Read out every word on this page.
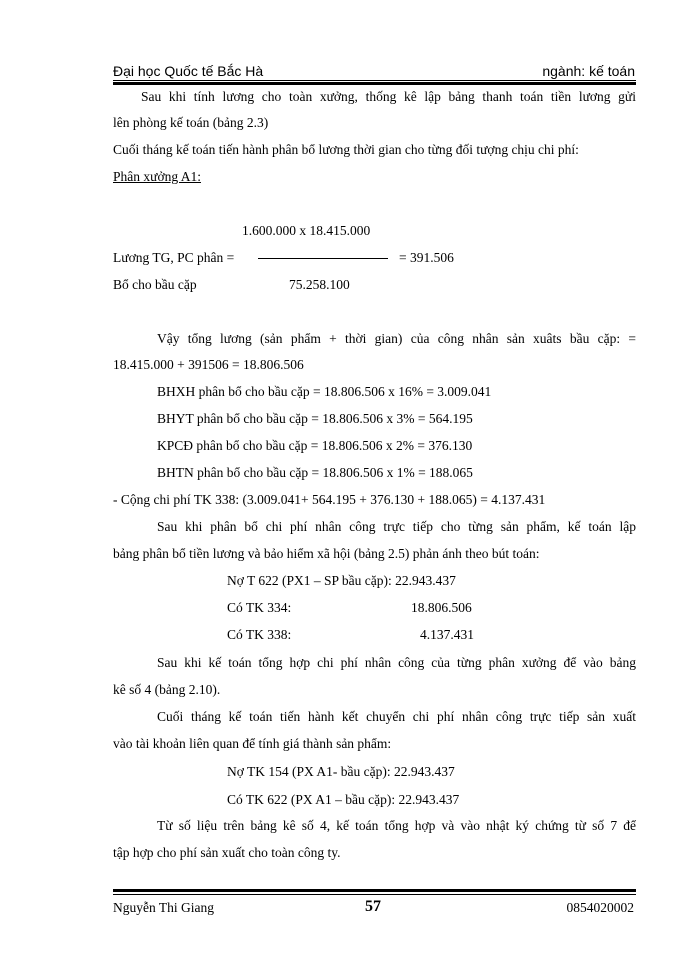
Đại học Quốc tế Bắc Hà	ngành: kế toán
Sau khi tính lương cho toàn xưởng, thống kê lập bảng thanh toán tiền lương gửi
lên phòng kế toán (bảng 2.3)
Cuối tháng kế toán tiến hành phân bổ lương thời gian cho từng đối tượng chịu chi phí:
Phân xưởng A1:
1.600.000 x 18.415.000
Lương TG, PC phân =	= 391.506
Bổ cho bầu cặp	75.258.100
Vậy tổng lương (sản phẩm + thời gian) của công nhân sản xuâts bầu cặp: =
18.415.000 + 391506 = 18.806.506
BHXH phân bổ cho bầu cặp = 18.806.506 x 16% = 3.009.041
BHYT phân bổ cho bầu cặp = 18.806.506 x 3% = 564.195
KPCĐ phân bổ cho bầu cặp = 18.806.506 x 2% = 376.130
BHTN phân bổ cho bầu cặp = 18.806.506 x 1% = 188.065
- Cộng chi phí TK 338: (3.009.041+ 564.195 + 376.130 + 188.065) = 4.137.431
Sau khi phân bổ chi phí nhân công trực tiếp cho từng sản phẩm, kế toán lập
bảng phân bổ tiền lương và bảo hiểm xã hội (bảng 2.5) phản ánh theo bút toán:
Nợ T 622 (PX1 – SP bầu cặp): 22.943.437
Có TK 334:	18.806.506
Có TK 338:	4.137.431
Sau khi kế toán tổng hợp chi phí nhân công của từng phân xưởng để vào bảng
kê số 4 (bảng 2.10).
Cuối tháng kế toán tiến hành kết chuyển chi phí nhân công trực tiếp sản xuất
vào tài khoản liên quan để tính giá thành sản phẩm:
Nợ TK 154 (PX A1- bầu cặp): 22.943.437
Có TK 622 (PX A1 – bầu cặp): 22.943.437
Từ số liệu trên bảng kê số 4, kế toán tổng hợp và vào nhật ký chứng từ số 7 để
tập hợp cho phí sản xuất cho toàn công ty.
Nguyễn Thi Giang	57	0854020002
